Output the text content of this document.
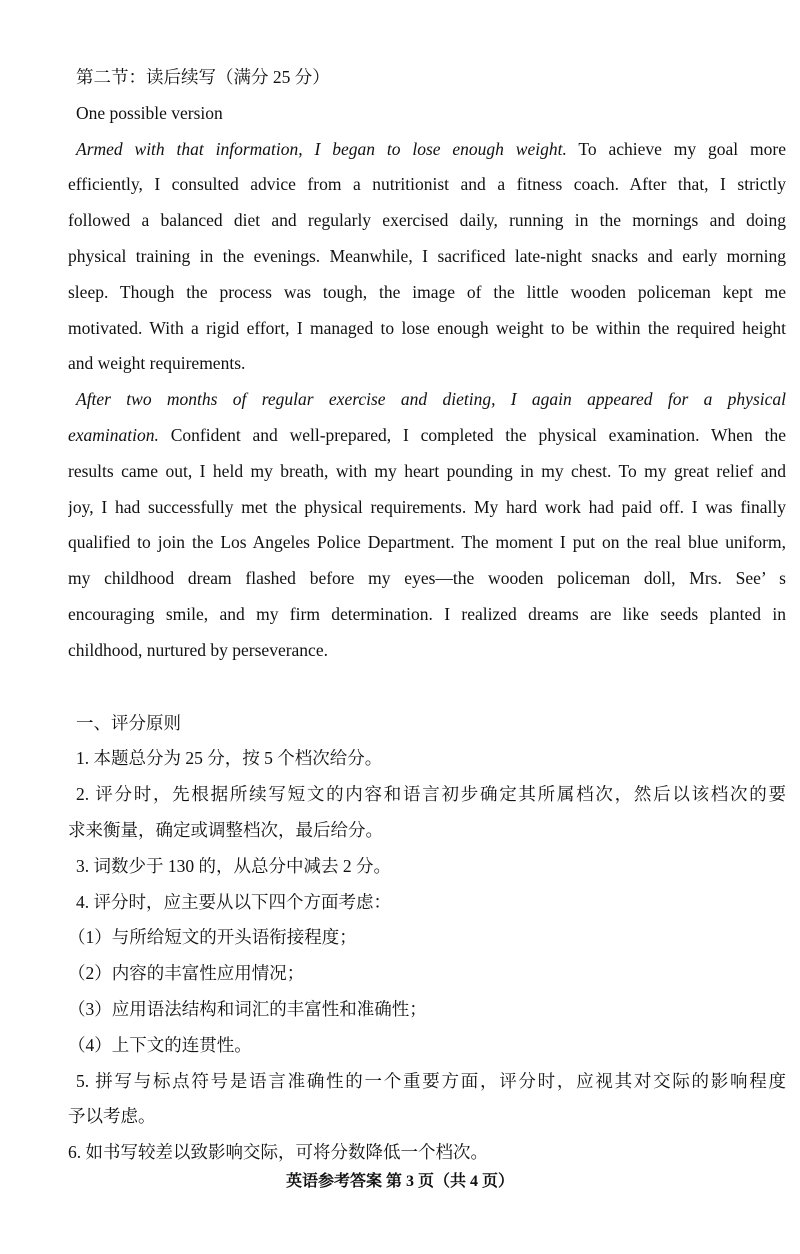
第二节：读后续写（满分 25 分）
One possible version
Armed with that information, I began to lose enough weight. To achieve my goal more
efficiently, I consulted advice from a nutritionist and a fitness coach. After that, I strictly
followed a balanced diet and regularly exercised daily, running in the mornings and doing
physical training in the evenings. Meanwhile, I sacrificed late-night snacks and early morning
sleep. Though the process was tough, the image of the little wooden policeman kept me
motivated. With a rigid effort, I managed to lose enough weight to be within the required height
and weight requirements.
After two months of regular exercise and dieting, I again appeared for a physical
examination. Confident and well-prepared, I completed the physical examination. When the
results came out, I held my breath, with my heart pounding in my chest. To my great relief and
joy, I had successfully met the physical requirements. My hard work had paid off. I was finally
qualified to join the Los Angeles Police Department. The moment I put on the real blue uniform,
my childhood dream flashed before my eyes—the wooden policeman doll, Mrs. See’ s
encouraging smile, and my firm determination. I realized dreams are like seeds planted in
childhood, nurtured by perseverance.
一、评分原则
1. 本题总分为 25 分，按 5 个档次给分。
2. 评分时，先根据所续写短文的内容和语言初步确定其所属档次，然后以该档次的要
求来衡量，确定或调整档次，最后给分。
3. 词数少于 130 的，从总分中减去 2 分。
4. 评分时，应主要从以下四个方面考虑：
（1）与所给短文的开头语衔接程度；
（2）内容的丰富性应用情况；
（3）应用语法结构和词汇的丰富性和准确性；
（4）上下文的连贯性。
5. 拼写与标点符号是语言准确性的一个重要方面，评分时，应视其对交际的影响程度
予以考虑。
6. 如书写较差以致影响交际，可将分数降低一个档次。
英语参考答案 第 3 页（共 4 页）
